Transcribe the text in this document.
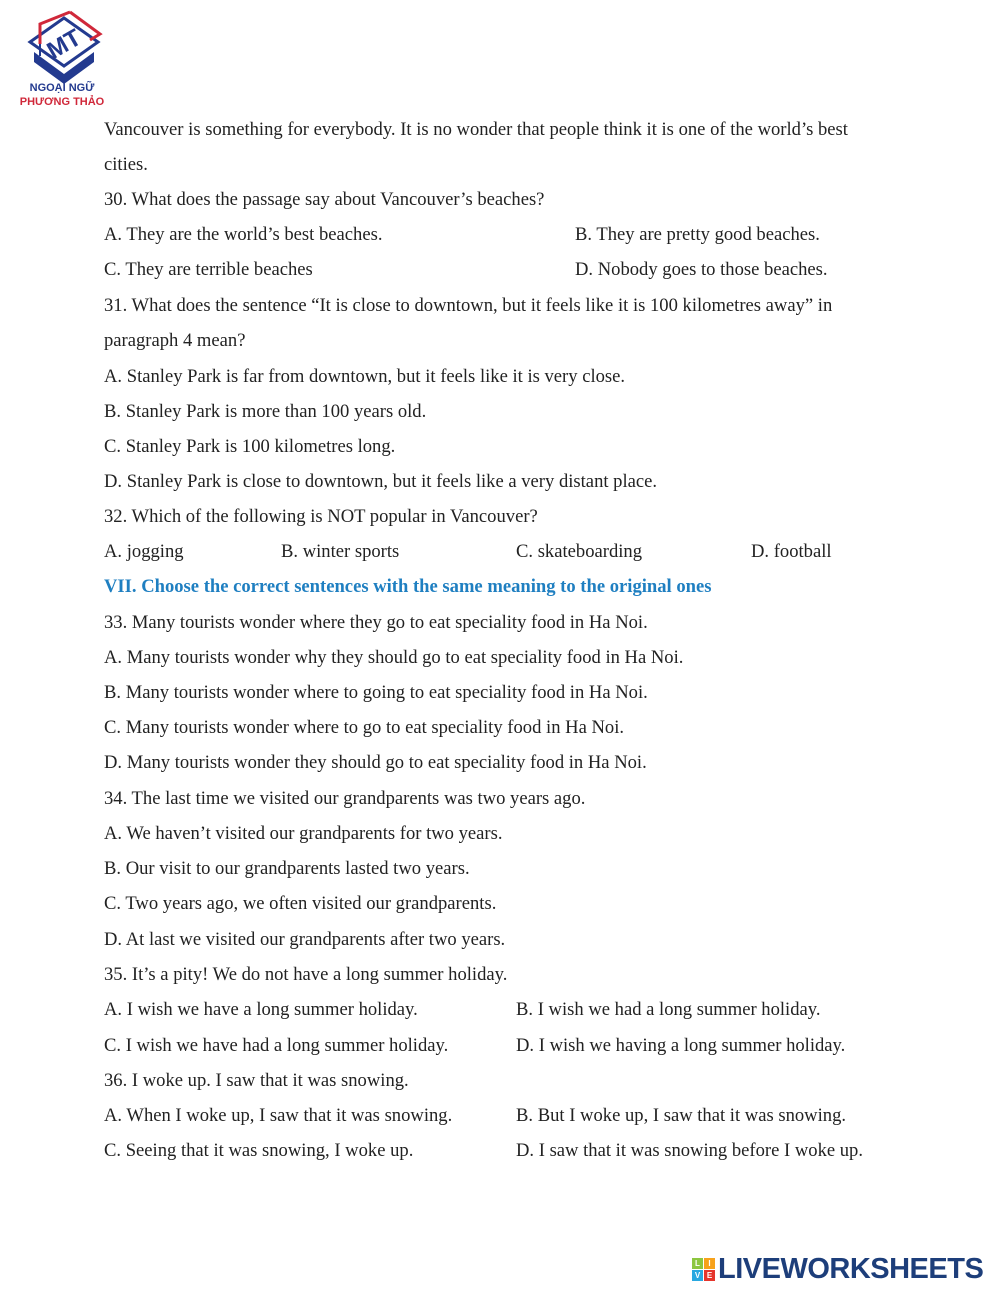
MT
NGOẠI NGỮ
PHƯƠNG THẢO
Vancouver is something for everybody. It is no wonder that people think it is one of the world’s best
cities.
30. What does the passage say about Vancouver’s beaches?
A. They are the world’s best beaches.	B. They are pretty good beaches.
C. They are terrible beaches	D. Nobody goes to those beaches.
31. What does the sentence “It is close to downtown, but it feels like it is 100 kilometres away” in
paragraph 4 mean?
A. Stanley Park is far from downtown, but it feels like it is very close.
B. Stanley Park is more than 100 years old.
C. Stanley Park is 100 kilometres long.
D. Stanley Park is close to downtown, but it feels like a very distant place.
32. Which of the following is NOT popular in Vancouver?
A. jogging	B. winter sports	C. skateboarding	D. football
VII. Choose the correct sentences with the same meaning to the original ones
33. Many tourists wonder where they go to eat speciality food in Ha Noi.
A. Many tourists wonder why they should go to eat speciality food in Ha Noi.
B. Many tourists wonder where to going to eat speciality food in Ha Noi.
C. Many tourists wonder where to go to eat speciality food in Ha Noi.
D. Many tourists wonder they should go to eat speciality food in Ha Noi.
34. The last time we visited our grandparents was two years ago.
A. We haven’t visited our grandparents for two years.
B. Our visit to our grandparents lasted two years.
C. Two years ago, we often visited our grandparents.
D. At last we visited our grandparents after two years.
35. It’s a pity! We do not have a long summer holiday.
A. I wish we have a long summer holiday.	B. I wish we had a long summer holiday.
C. I wish we have had a long summer holiday.	D. I wish we having a long summer holiday.
36. I woke up. I saw that it was snowing.
A. When I woke up, I saw that it was snowing.	B. But I woke up, I saw that it was snowing.
C. Seeing that it was snowing, I woke up.	D. I saw that it was snowing before I woke up.
L	I
V E LIVEWORKSHEETS
